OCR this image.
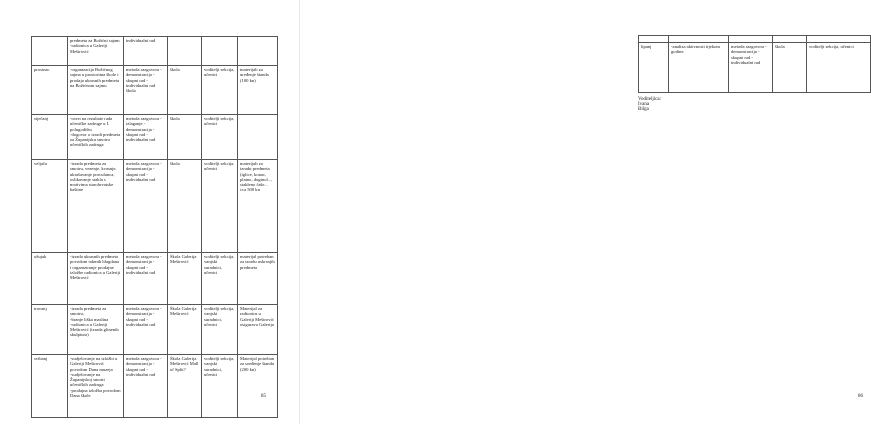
	predmeta za Božićni sajam
-radionica u Galeriji Meštrović	individualni rad			
prosinac	-organizacija Božićnog sajma u prostorima škole i prodaja ukrasnih predmeta na Božićnom sajmu	metoda razgovora - demonstracija - skupni rad - individualni rad škola	škola	voditelji sekcija, učenici	materijali za uređenje štanda (100 kn)
siječanj	-osvrt na rezultate rada učeničke zadruge u I. polugodištu
-dogovor o izradi predmeta za Županijsku smotru učeničkih zadruga	metoda razgovora - izlaganje - demonstracija - skupni rad - individualni rad	škola	voditelji sekcija, učenici	
veljača	-izrada predmeta za smotru, vezenje, kvasnje, ukrašavanje porculanca, oslikavanje stakla s motivima starohrvatske baštine	metoda razgovora - demonstracija - skupni rad - individualni rad	škola	voditelji sekcija, učenici	materijali za izradu predmeta (iglice, konac, platno, duginol..., stakleno čaše... cca 500 kn
ožujak	-izrada ukrasnih predmeta povodom takmih blagdana i organiziranje prodajne izložbe radionica u Galeriji Meštrović	metoda razgovora - demonstracija - skupni rad - individualni rad	Škola Galerija Meštrović	voditelji sekcija, vanjski suradnici, učenici	materijal potreban za izradu uskrsnjih predmeta
travanj	-izrada predmeta za smotru,
-branje liška maslina
-radionica u Galeriji Meštrović (izrada glinenih skulptura)	metoda razgovora - demonstracija - skupni rad - individualni rad	Škola Galerija Meštrović	voditelji sekcija, vanjski suradnici, učenici	Materijal za radionicu u Galeriji Meštrović osiguravа Galerija
svibanj	-sudjelovanje na izložbi u Galeriji Meštrović povodom Dana muzeja
-sudjelovanje na Županijskoj smotri učeničkih zadruga
-prodajna izložba povodom Dana škole	metoda razgovora - demonstracija - skupni rad - individualni rad	Škola Galerija Meštrović Mall of Split?	voditelji sekcija, vanjski suradnici, učenici	Materijal potreban za uređenje štanda (200 kn)
85

lipanj	-analiza aktivnosti tijekom godine	metoda razgovora - demonstracija - skupni rad - individualni rad	škola	voditelji sekcija, učenici
Voditeljica: Ivana Bilga
86
